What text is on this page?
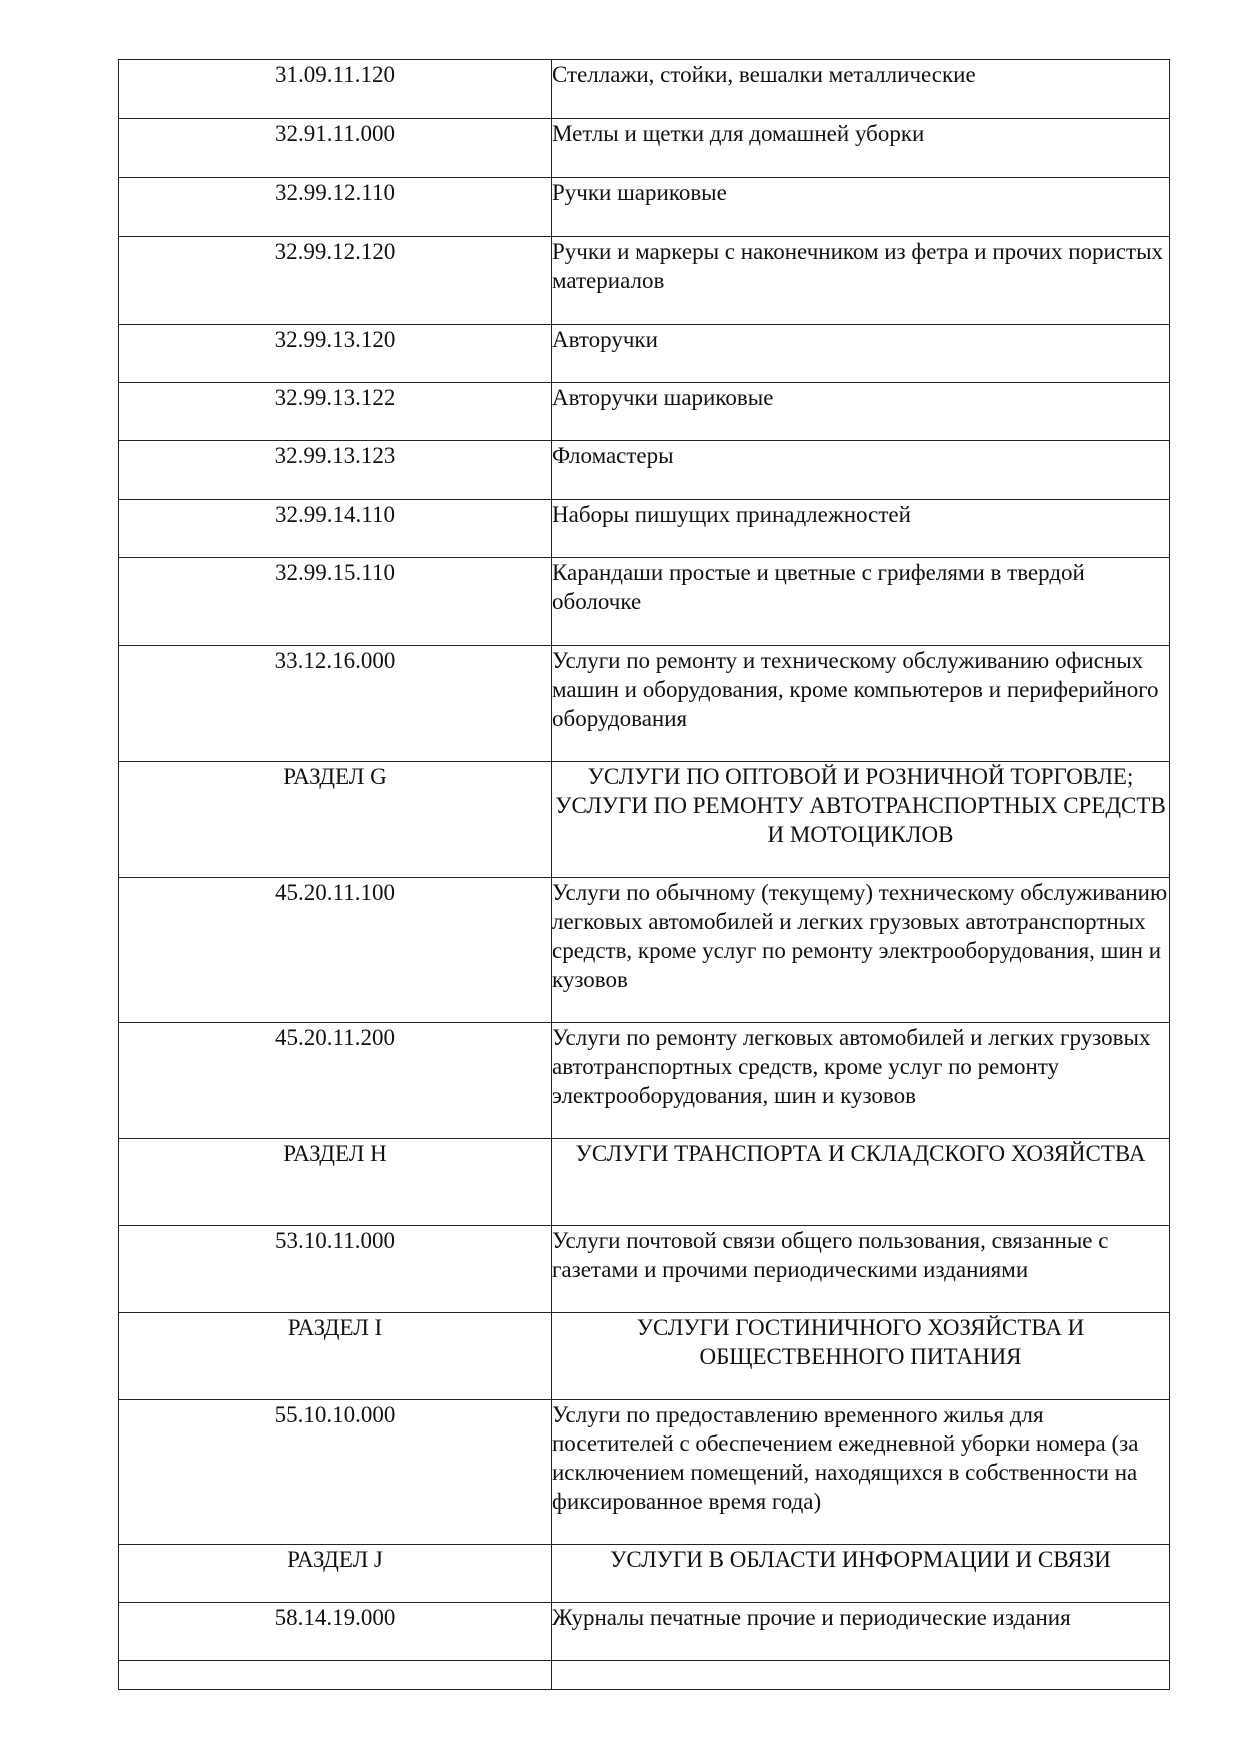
31.09.11.120	Стеллажи, стойки, вешалки металлические
32.91.11.000	Метлы и щетки для домашней уборки
32.99.12.110	Ручки шариковые
32.99.12.120	Ручки и маркеры с наконечником из фетра и прочих пористых материалов
32.99.13.120	Авторучки
32.99.13.122	Авторучки шариковые
32.99.13.123	Фломастеры
32.99.14.110	Наборы пишущих принадлежностей
32.99.15.110	Карандаши простые и цветные с грифелями в твердой оболочке
33.12.16.000	Услуги по ремонту и техническому обслуживанию офисных машин и оборудования, кроме компьютеров и периферийного оборудования
РАЗДЕЛ G	УСЛУГИ ПО ОПТОВОЙ И РОЗНИЧНОЙ ТОРГОВЛЕ; УСЛУГИ ПО РЕМОНТУ АВТОТРАНСПОРТНЫХ СРЕДСТВ И МОТОЦИКЛОВ
45.20.11.100	Услуги по обычному (текущему) техническому обслуживанию легковых автомобилей и легких грузовых автотранспортных средств, кроме услуг по ремонту электрооборудования, шин и кузовов
45.20.11.200	Услуги по ремонту легковых автомобилей и легких грузовых автотранспортных средств, кроме услуг по ремонту электрооборудования, шин и кузовов
РАЗДЕЛ H	УСЛУГИ ТРАНСПОРТА И СКЛАДСКОГО ХОЗЯЙСТВА
53.10.11.000	Услуги почтовой связи общего пользования, связанные с газетами и прочими периодическими изданиями
РАЗДЕЛ I	УСЛУГИ ГОСТИНИЧНОГО ХОЗЯЙСТВА И ОБЩЕСТВЕННОГО ПИТАНИЯ
55.10.10.000	Услуги по предоставлению временного жилья для посетителей с обеспечением ежедневной уборки номера (за исключением помещений, находящихся в собственности на фиксированное время года)
РАЗДЕЛ J	УСЛУГИ В ОБЛАСТИ ИНФОРМАЦИИ И СВЯЗИ
58.14.19.000	Журналы печатные прочие и периодические издания
